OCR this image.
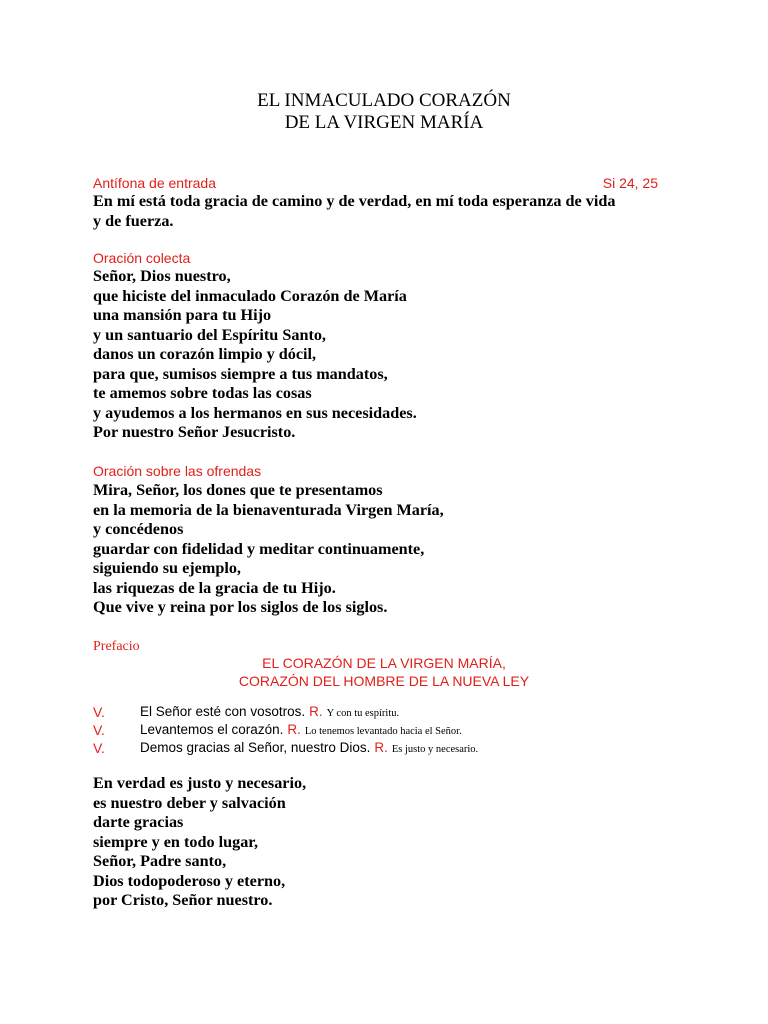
EL INMACULADO CORAZÓN
DE LA VIRGEN MARÍA
Antífona de entrada	Si 24, 25
En mí está toda gracia de camino y de verdad, en mí toda esperanza de vida
y de fuerza.
Oración colecta
Señor, Dios nuestro,
que hiciste del inmaculado Corazón de María
una mansión para tu Hijo
y un santuario del Espíritu Santo,
danos un corazón limpio y dócil,
para que, sumisos siempre a tus mandatos,
te amemos sobre todas las cosas
y ayudemos a los hermanos en sus necesidades.
Por nuestro Señor Jesucristo.
Oración sobre las ofrendas
Mira, Señor, los dones que te presentamos
en la memoria de la bienaventurada Virgen María,
y concédenos
guardar con fidelidad y meditar continuamente,
siguiendo su ejemplo,
las riquezas de la gracia de tu Hijo.
Que vive y reina por los siglos de los siglos.
Prefacio
EL CORAZÓN DE LA VIRGEN MARÍA,
CORAZÓN DEL HOMBRE DE LA NUEVA LEY
V.	El Señor esté con vosotros. R. Y con tu espíritu.
V.	Levantemos el corazón. R. Lo tenemos levantado hacia el Señor.
V.	Demos gracias al Señor, nuestro Dios. R. Es justo y necesario.
En verdad es justo y necesario,
es nuestro deber y salvación
darte gracias
siempre y en todo lugar,
Señor, Padre santo,
Dios todopoderoso y eterno,
por Cristo, Señor nuestro.
